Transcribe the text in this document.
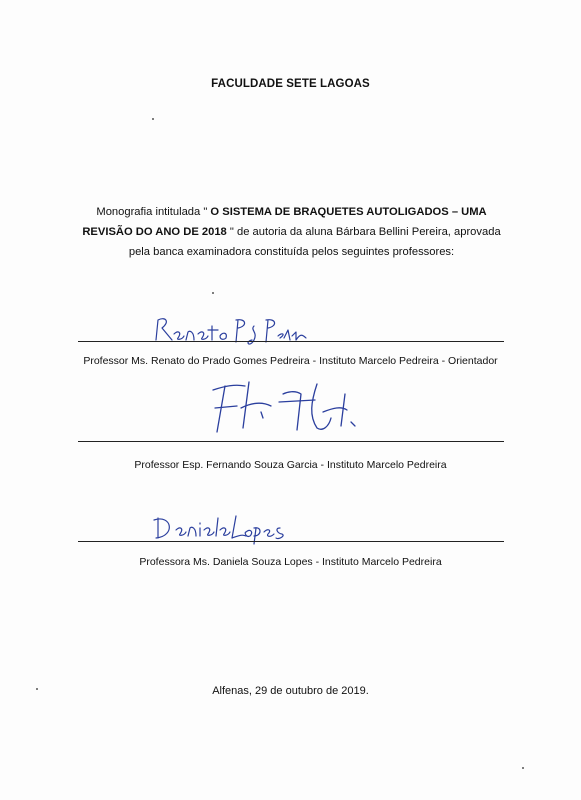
FACULDADE SETE LAGOAS
Monografia intitulada " O SISTEMA DE BRAQUETES AUTOLIGADOS – UMA
REVISÃO DO ANO DE 2018 " de autoria da aluna Bárbara Bellini Pereira, aprovada
pela banca examinadora constituída pelos seguintes professores:
Professor Ms. Renato do Prado Gomes Pedreira - Instituto Marcelo Pedreira - Orientador
Professor Esp. Fernando Souza Garcia - Instituto Marcelo Pedreira
Professora Ms. Daniela Souza Lopes - Instituto Marcelo Pedreira
Alfenas, 29 de outubro de 2019.
